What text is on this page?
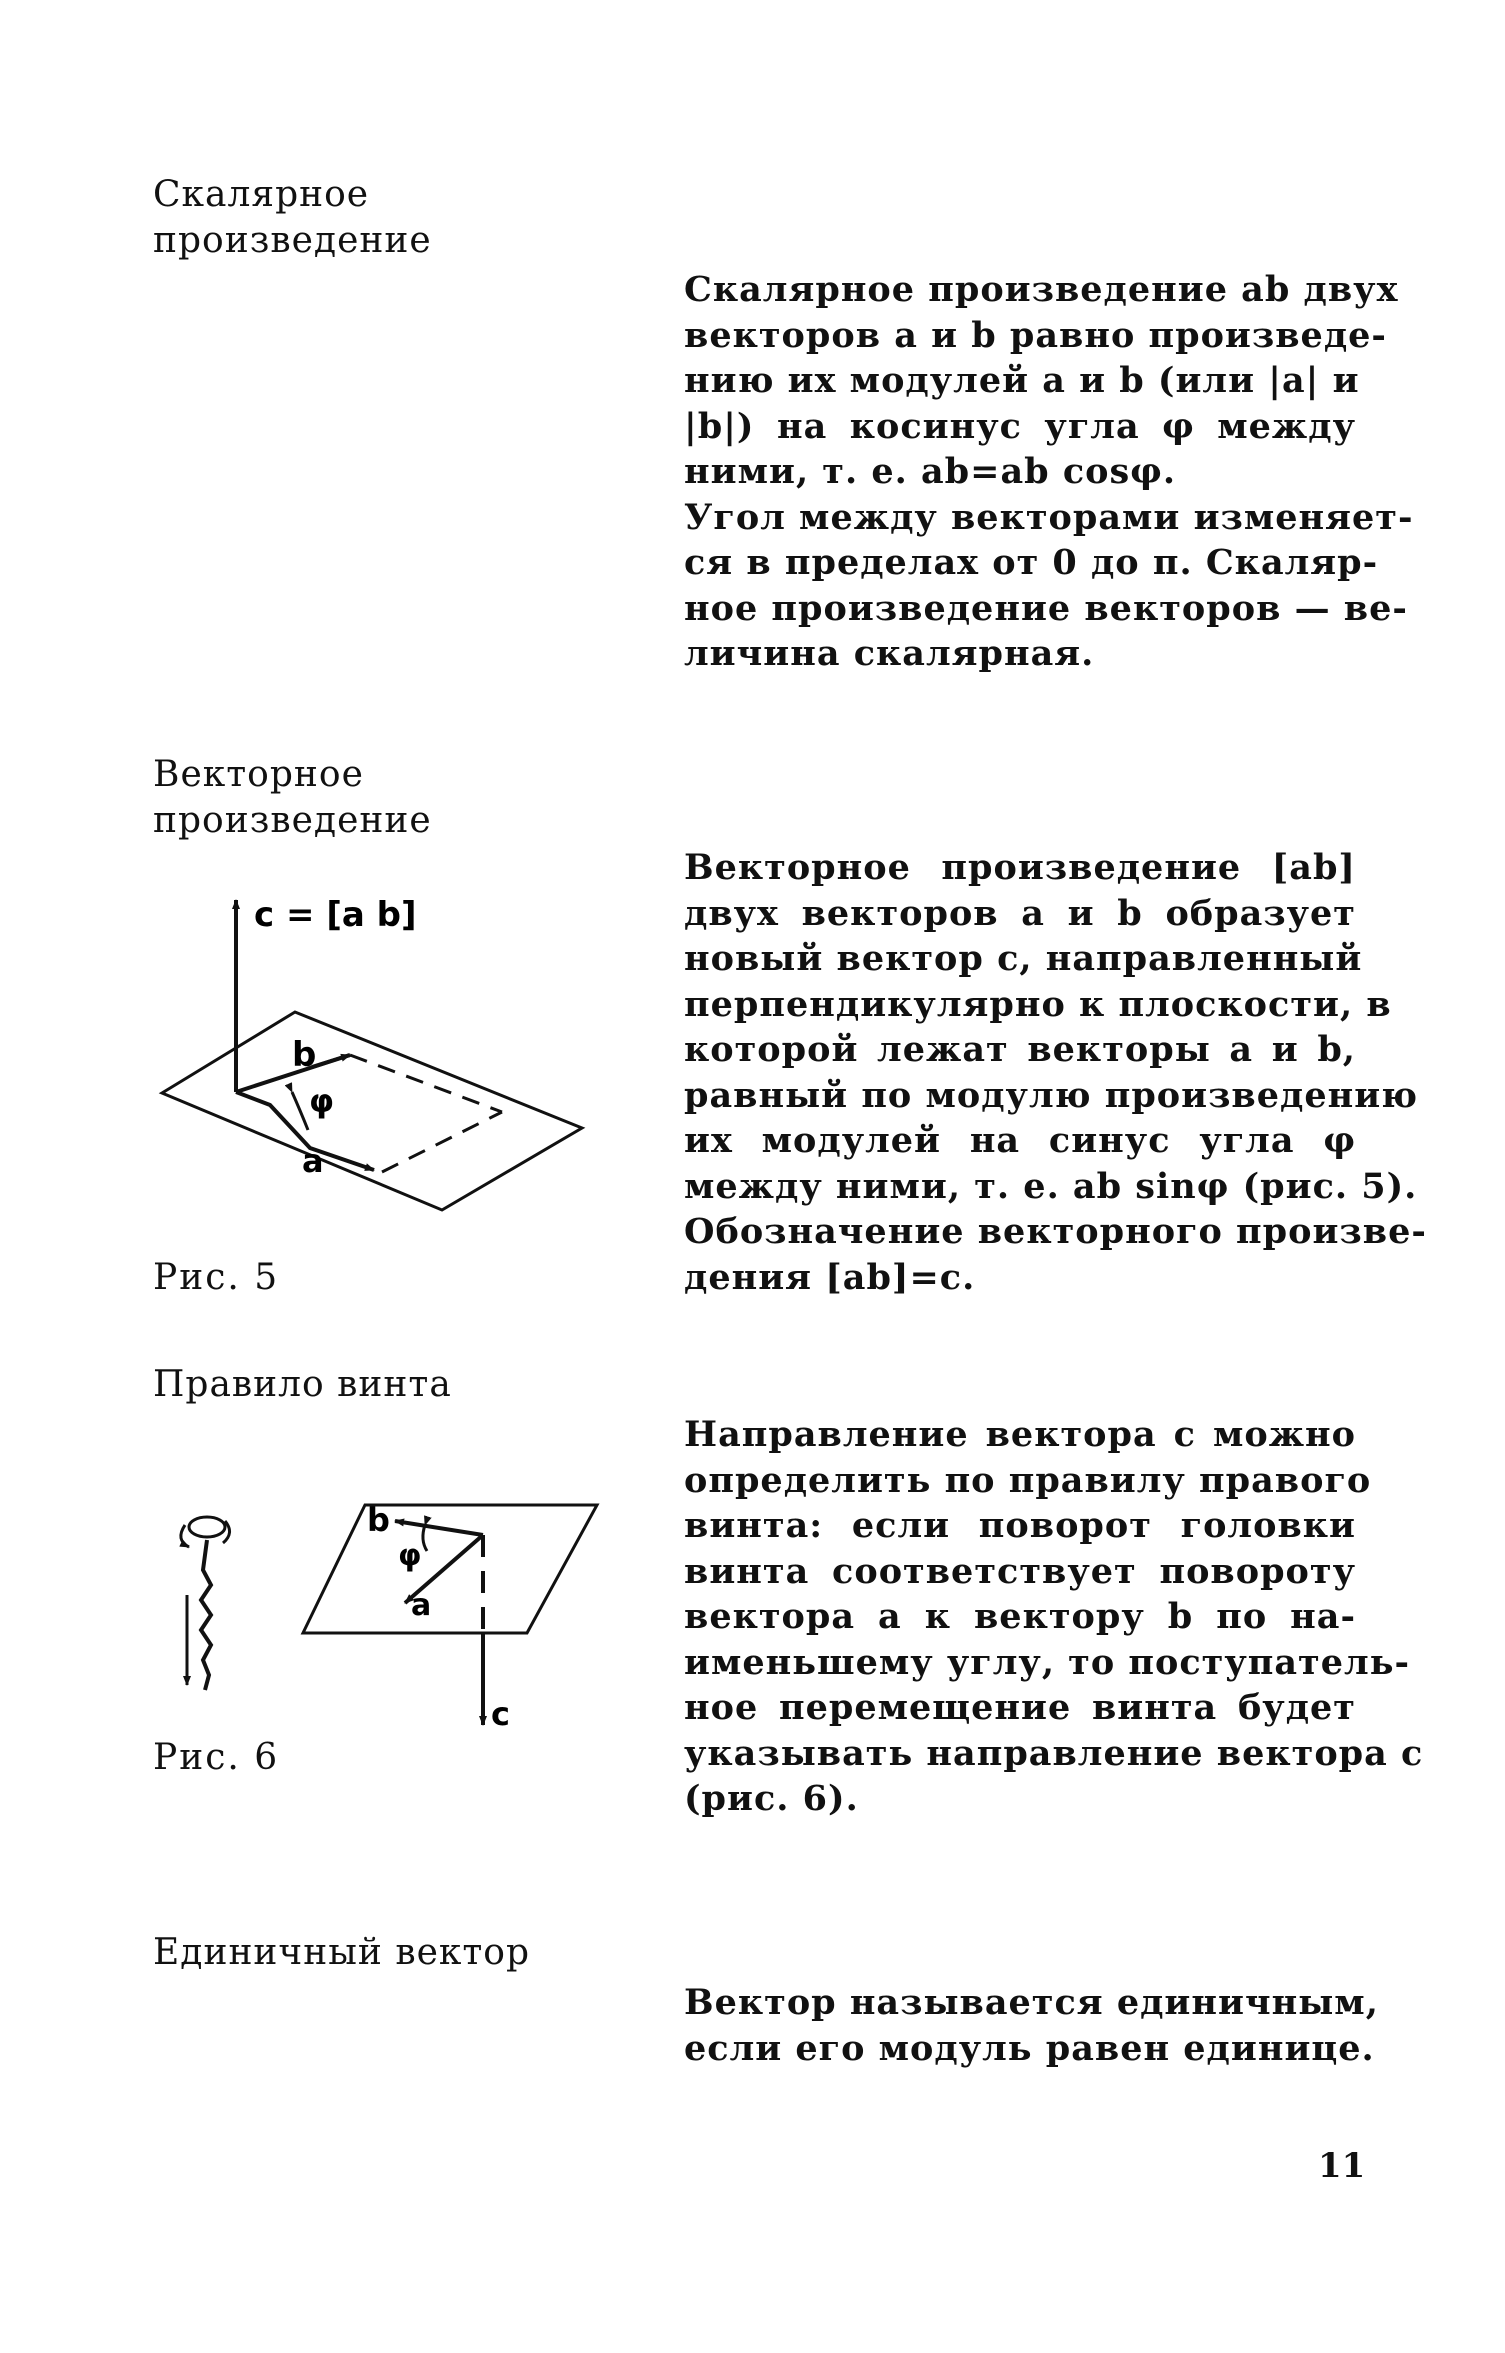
Скалярное
произведение
Скалярное произведение ab двух
векторов a и b равно произведе-
нию их модулей a и b (или |a| и
|b|) на косинус угла φ между
ними, т. е. ab=ab cosφ.
Угол между векторами изменяет-
ся в пределах от 0 до π. Скаляр-
ное произведение векторов — ве-
личина скалярная.
Векторное
произведение
c = [a b]
b
φ
a
Рис. 5
Векторное произведение [ab]
двух векторов a и b образует
новый вектор c, направленный
перпендикулярно к плоскости, в
которой лежат векторы a и b,
равный по модулю произведению
их модулей на синус угла φ
между ними, т. е. ab sinφ (рис. 5).
Обозначение векторного произве-
дения [ab]=c.
Правило винта
b
φ
a
c
Рис. 6
Направление вектора c можно
определить по правилу правого
винта: если поворот головки
винта соответствует повороту
вектора a к вектору b по на-
именьшему углу, то поступатель-
ное перемещение винта будет
указывать направление вектора c
(рис. 6).
Единичный вектор
Вектор называется единичным,
если его модуль равен единице.
11
